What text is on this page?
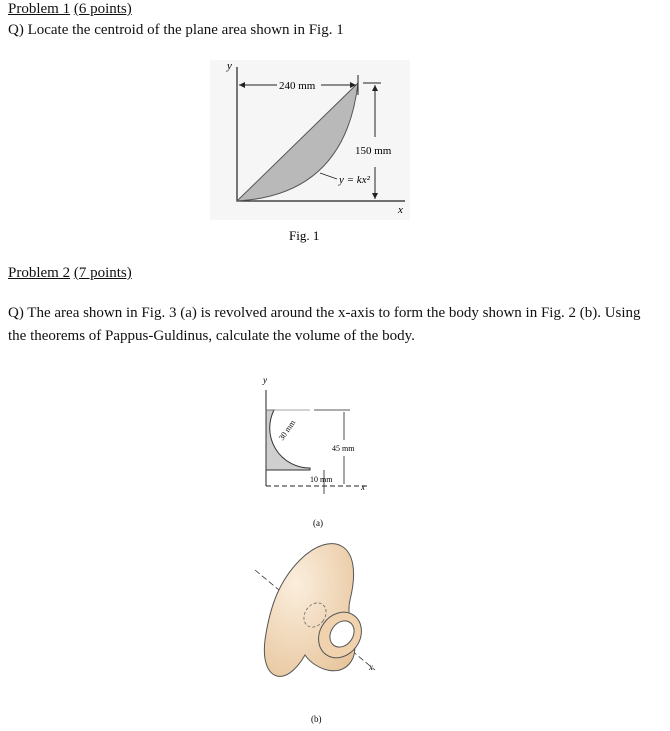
Problem 1 (6 points)
Q) Locate the centroid of the plane area shown in Fig. 1
y
x
240 mm
150 mm
y = kx²
Fig. 1
Problem 2 (7 points)
Q) The area shown in Fig. 3 (a) is revolved around the x-axis to form the body shown in Fig. 2 (b). Using the theorems of Pappus-Guldinus, calculate the volume of the body.
y
x
30 mm
45 mm
10 mm
(a)
x
(b)
